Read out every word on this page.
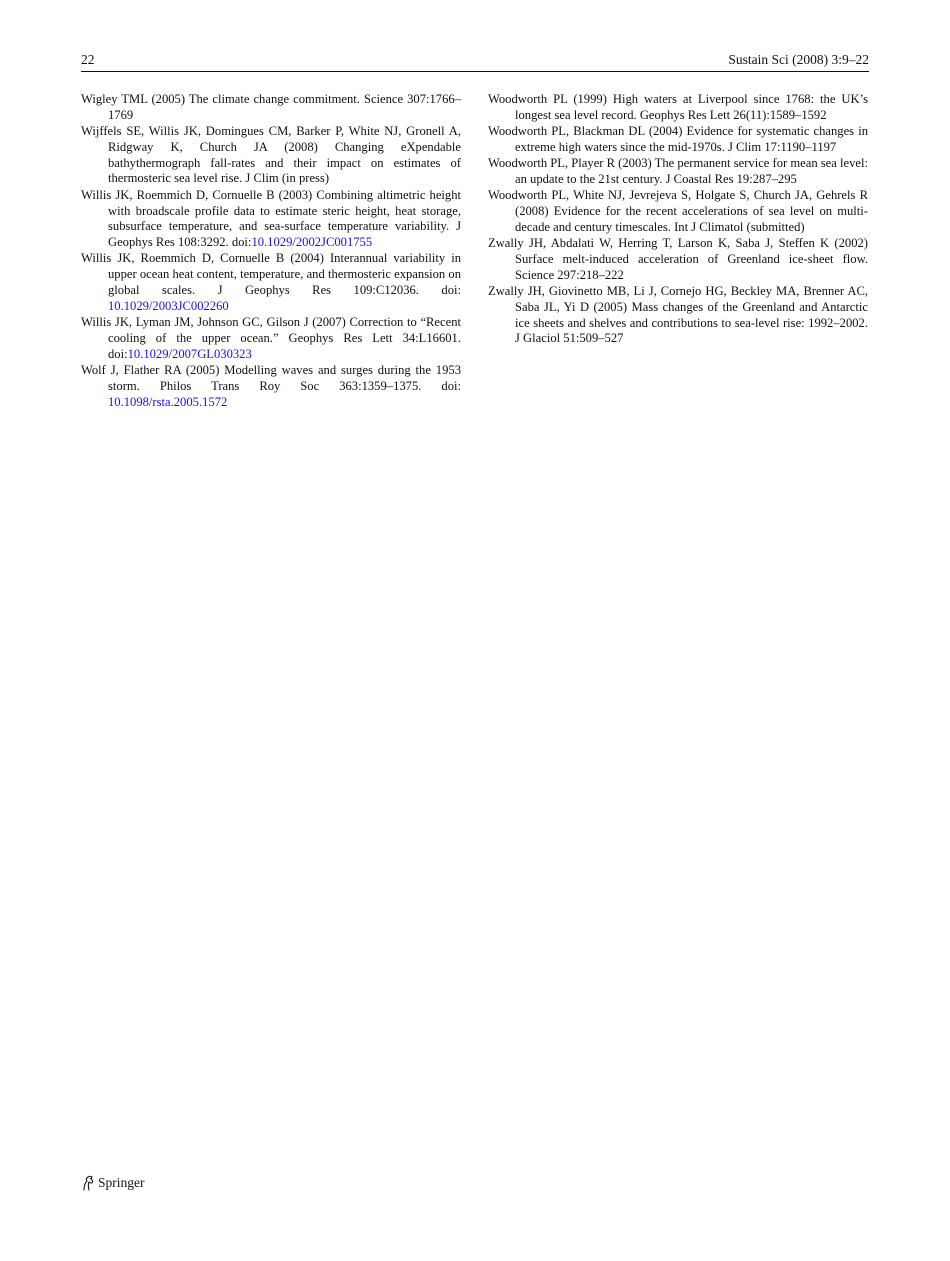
22	Sustain Sci (2008) 3:9–22
Wigley TML (2005) The climate change commitment. Science 307:1766–1769
Wijffels SE, Willis JK, Domingues CM, Barker P, White NJ, Gronell A, Ridgway K, Church JA (2008) Changing eXpendable bathythermograph fall-rates and their impact on estimates of thermosteric sea level rise. J Clim (in press)
Willis JK, Roemmich D, Cornuelle B (2003) Combining altimetric height with broadscale profile data to estimate steric height, heat storage, subsurface temperature, and sea-surface temperature variability. J Geophys Res 108:3292. doi:10.1029/2002JC001755
Willis JK, Roemmich D, Cornuelle B (2004) Interannual variability in upper ocean heat content, temperature, and thermosteric expansion on global scales. J Geophys Res 109:C12036. doi: 10.1029/2003JC002260
Willis JK, Lyman JM, Johnson GC, Gilson J (2007) Correction to “Recent cooling of the upper ocean.” Geophys Res Lett 34:L16601. doi:10.1029/2007GL030323
Wolf J, Flather RA (2005) Modelling waves and surges during the 1953 storm. Philos Trans Roy Soc 363:1359–1375. doi: 10.1098/rsta.2005.1572
Woodworth PL (1999) High waters at Liverpool since 1768: the UK’s longest sea level record. Geophys Res Lett 26(11):1589–1592
Woodworth PL, Blackman DL (2004) Evidence for systematic changes in extreme high waters since the mid-1970s. J Clim 17:1190–1197
Woodworth PL, Player R (2003) The permanent service for mean sea level: an update to the 21st century. J Coastal Res 19:287–295
Woodworth PL, White NJ, Jevrejeva S, Holgate S, Church JA, Gehrels R (2008) Evidence for the recent accelerations of sea level on multi-decade and century timescales. Int J Climatol (submitted)
Zwally JH, Abdalati W, Herring T, Larson K, Saba J, Steffen K (2002) Surface melt-induced acceleration of Greenland ice-sheet flow. Science 297:218–222
Zwally JH, Giovinetto MB, Li J, Cornejo HG, Beckley MA, Brenner AC, Saba JL, Yi D (2005) Mass changes of the Greenland and Antarctic ice sheets and shelves and contributions to sea-level rise: 1992–2002. J Glaciol 51:509–527
Springer
